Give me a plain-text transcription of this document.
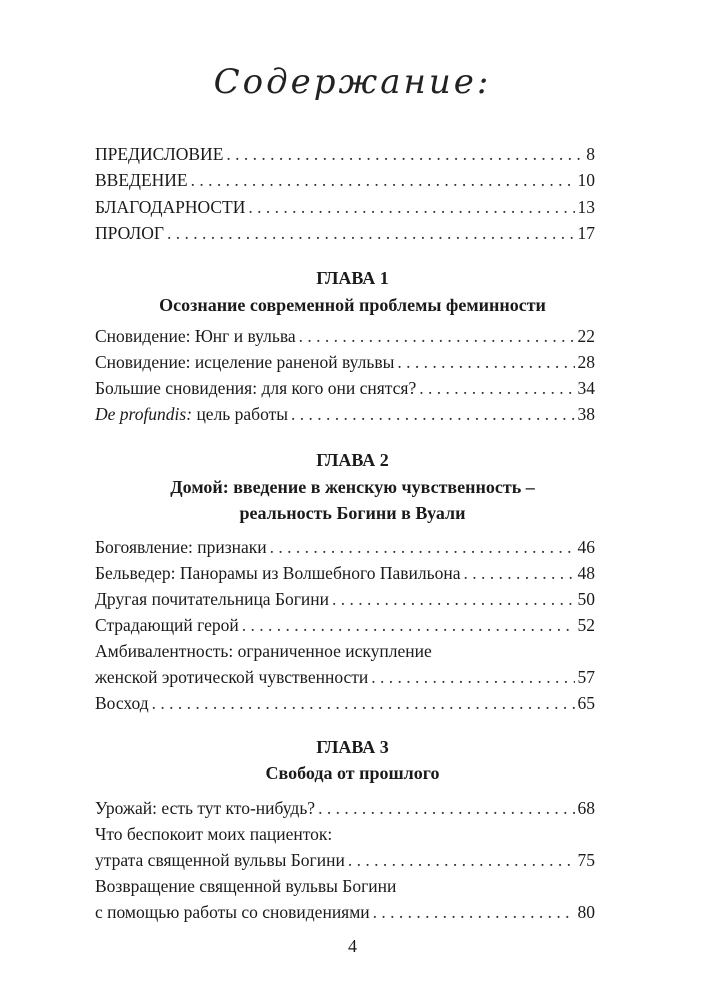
Содержание:
ПРЕДИСЛОВИЕ . . .	8
ВВЕДЕНИЕ . . .	10
БЛАГОДАРНОСТИ . . .	13
ПРОЛОГ . . .	17
ГЛАВА 1
Осознание современной проблемы феминности
Сновидение: Юнг и вульва . . .	22
Сновидение: исцеление раненой вульвы . . .	28
Большие сновидения: для кого они снятся? . . .	34
De profundis: цель работы . . .	38
ГЛАВА 2
Домой: введение в женскую чувственность –
реальность Богини в Вуали
Богоявление: признаки . . .	46
Бельведер: Панорамы из Волшебного Павильона . . .	48
Другая почитательница Богини . . .	50
Страдающий герой . . .	52
Амбивалентность: ограниченное искупление
женской эротической чувственности . . .	57
Восход . . .	65
ГЛАВА 3
Свобода от прошлого
Урожай: есть тут кто-нибудь? . . .	68
Что беспокоит моих пациенток:
утрата священной вульвы Богини . . .	75
Возвращение священной вульвы Богини
с помощью работы со сновидениями . . .	80
4
